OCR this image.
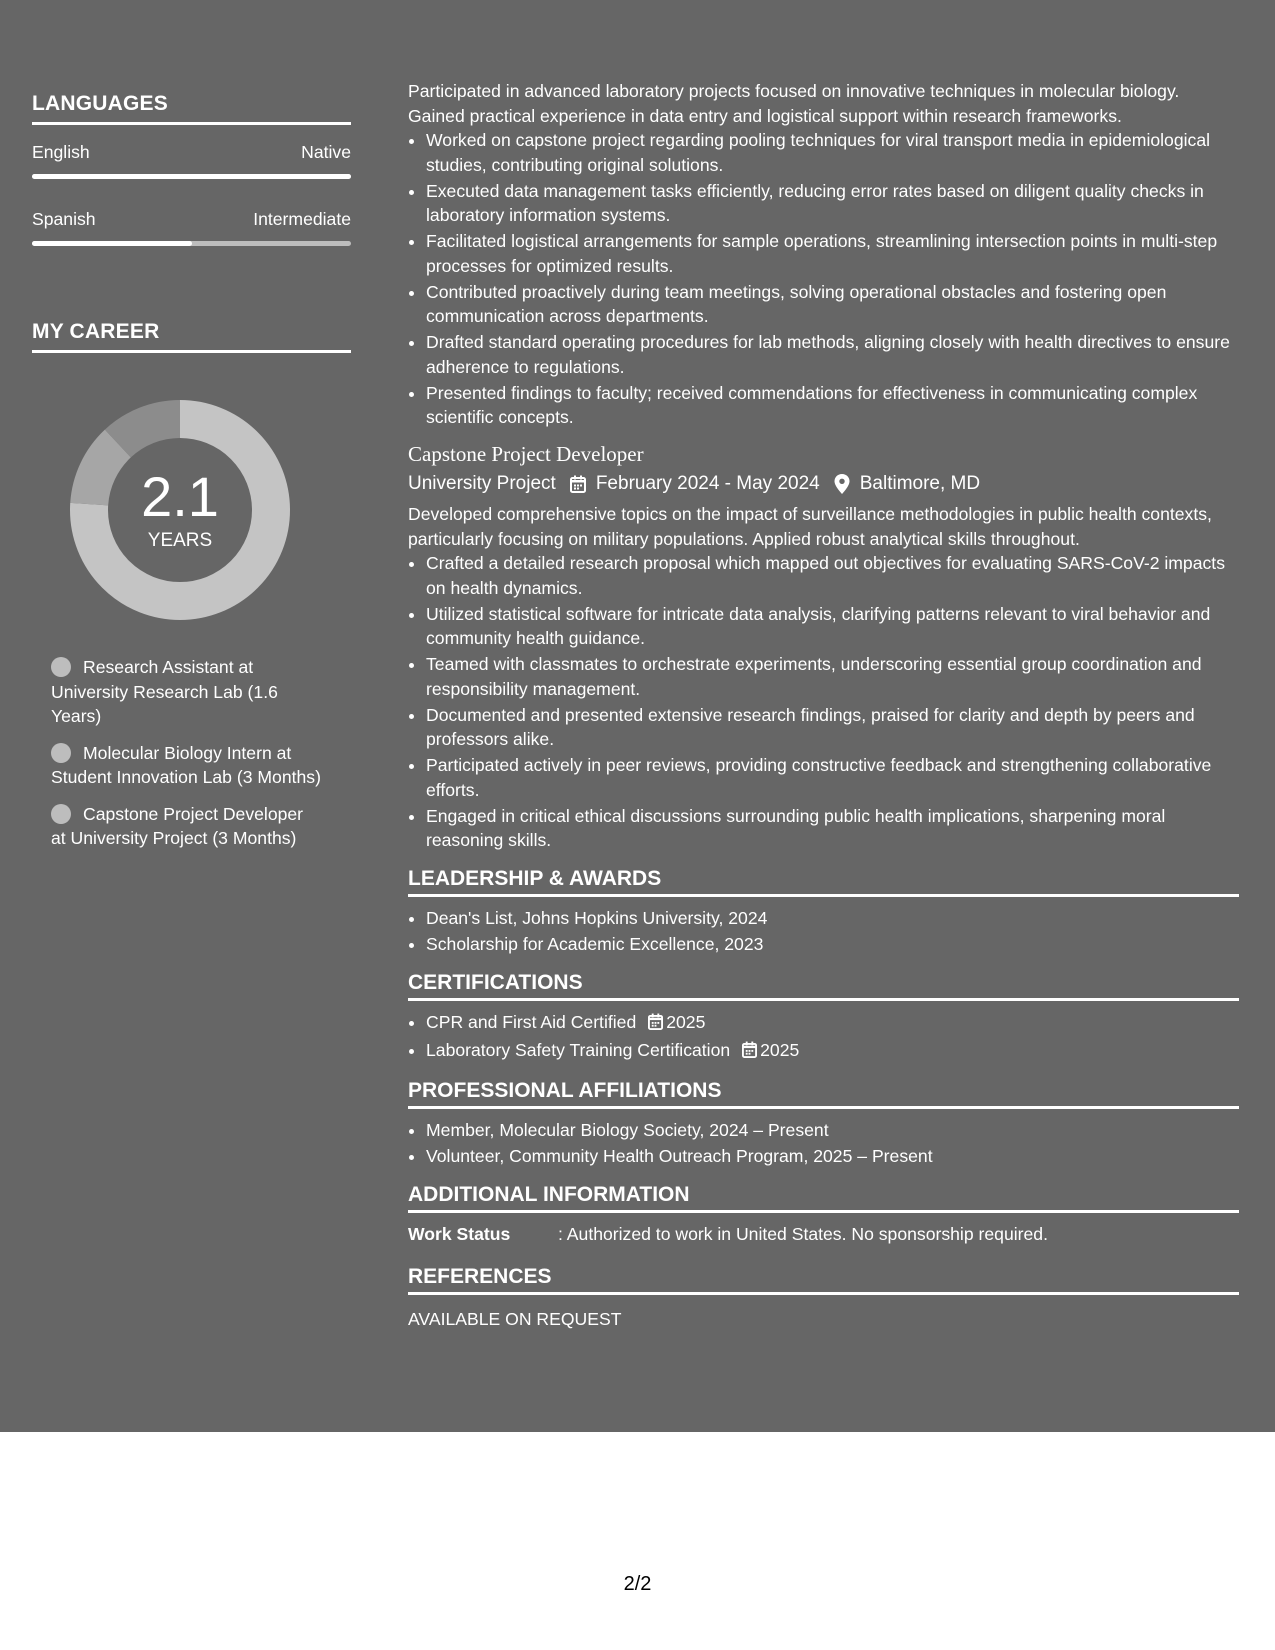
LANGUAGES
English	Native
Spanish	Intermediate
MY CAREER
2.1
YEARS
Research Assistant at University Research Lab (1.6 Years)
Molecular Biology Intern at Student Innovation Lab (3 Months)
Capstone Project Developer at University Project (3 Months)

Participated in advanced laboratory projects focused on innovative techniques in molecular biology. Gained practical experience in data entry and logistical support within research frameworks.

• Worked on capstone project regarding pooling techniques for viral transport media in epidemiological studies, contributing original solutions.
• Executed data management tasks efficiently, reducing error rates based on diligent quality checks in laboratory information systems.
• Facilitated logistical arrangements for sample operations, streamlining intersection points in multi-step processes for optimized results.
• Contributed proactively during team meetings, solving operational obstacles and fostering open communication across departments.
• Drafted standard operating procedures for lab methods, aligning closely with health directives to ensure adherence to regulations.
• Presented findings to faculty; received commendations for effectiveness in communicating complex scientific concepts.
Capstone Project Developer
University Project February 2024 - May 2024 Baltimore, MD

Developed comprehensive topics on the impact of surveillance methodologies in public health contexts, particularly focusing on military populations. Applied robust analytical skills throughout.

• Crafted a detailed research proposal which mapped out objectives for evaluating SARS-CoV-2 impacts on health dynamics.
• Utilized statistical software for intricate data analysis, clarifying patterns relevant to viral behavior and community health guidance.
• Teamed with classmates to orchestrate experiments, underscoring essential group coordination and responsibility management.
• Documented and presented extensive research findings, praised for clarity and depth by peers and professors alike.
• Participated actively in peer reviews, providing constructive feedback and strengthening collaborative efforts.
• Engaged in critical ethical discussions surrounding public health implications, sharpening moral reasoning skills.
LEADERSHIP & AWARDS
• Dean's List, Johns Hopkins University, 2024
• Scholarship for Academic Excellence, 2023
CERTIFICATIONS
• CPR and First Aid Certified 2025
• Laboratory Safety Training Certification 2025
PROFESSIONAL AFFILIATIONS
• Member, Molecular Biology Society, 2024 – Present
• Volunteer, Community Health Outreach Program, 2025 – Present
ADDITIONAL INFORMATION
Work Status	: Authorized to work in United States. No sponsorship required.
REFERENCES
AVAILABLE ON REQUEST
2/2
